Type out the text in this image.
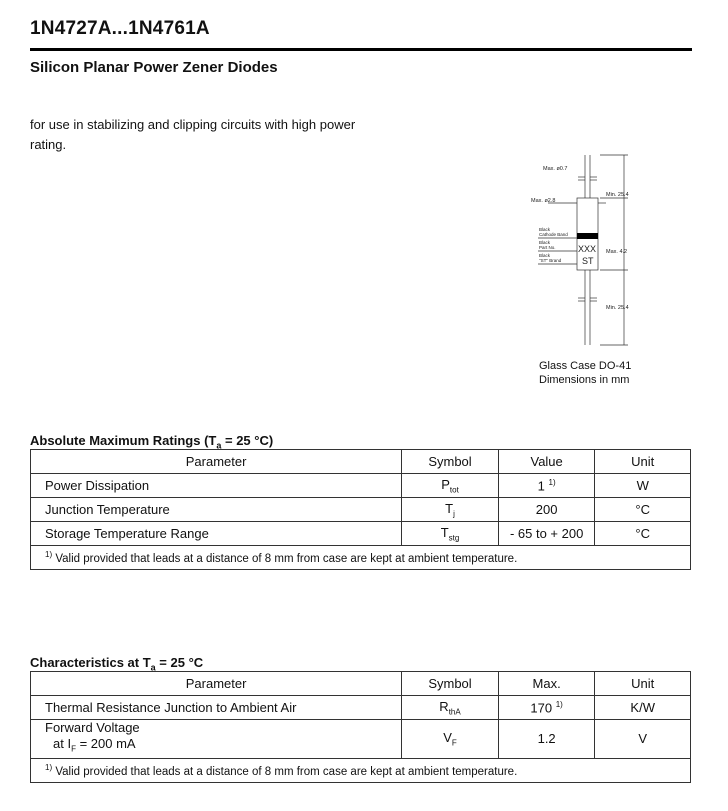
1N4727A...1N4761A
Silicon Planar Power Zener Diodes
for use in stabilizing and clipping circuits with high power rating.
Max. ø0.7
Max. ø2.8
Min. 25.4
Max. 4.2
Min. 25.4
Black
Cathode Band
Black
Part No.
Black
"ST" Brand
XXX
ST
Glass Case DO-41
Dimensions in mm
Absolute Maximum Ratings ($T_a = 25$ °C)
Parameter	Symbol	Value	Unit
Power Dissipation	$P_{tot}$	1 $^{1)}$	W
Junction Temperature	$T_j$	200	°C
Storage Temperature Range	$T_{stg}$	- 65 to + 200	°C
$^{1)}$ Valid provided that leads at a distance of 8 mm from case are kept at ambient temperature.			
Characteristics at $T_a = 25$ °C
Parameter	Symbol	Max.	Unit
Thermal Resistance Junction to Ambient Air	$R_{thA}$	170 $^{1)}$	K/W

Forward Voltage
at $I_F = 200$ mA	$V_F$	1.2	V
$^{1)}$ Valid provided that leads at a distance of 8 mm from case are kept at ambient temperature.			
